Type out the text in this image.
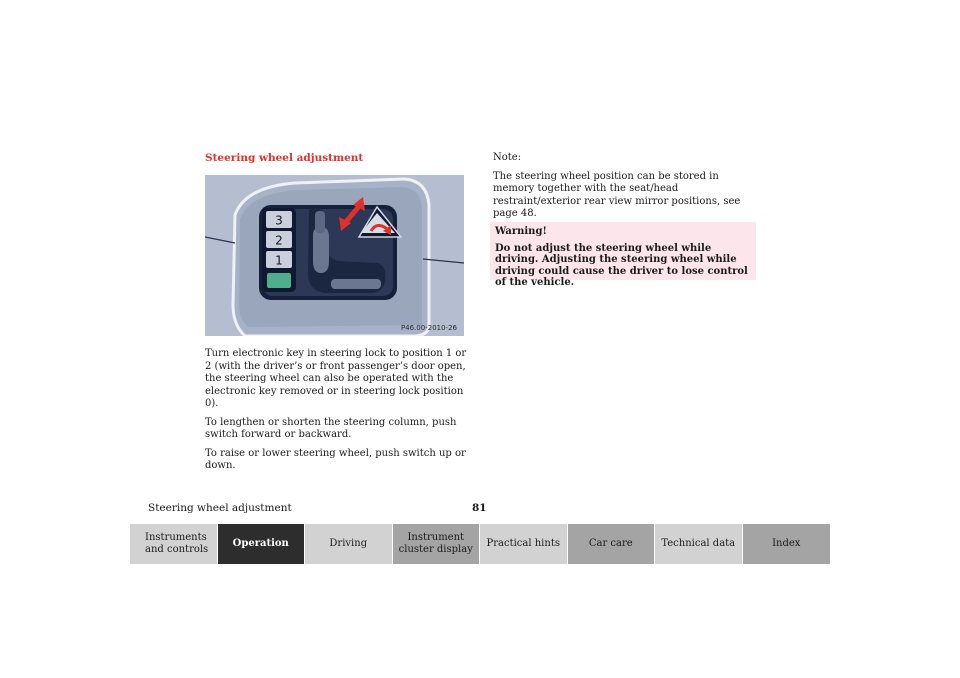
Steering wheel adjustment
3
2
1
P46.00-2010-26

Turn electronic key in steering lock to position 1 or 2 (with the driver’s or front passenger’s door open, the steering wheel can also be operated with the electronic key removed or in steering lock position 0).

To lengthen or shorten the steering column, push switch forward or backward.

To raise or lower steering wheel, push switch up or down.

Note:

The steering wheel position can be stored in memory together with the seat/head restraint/exterior rear view mirror positions, see page 48.

Warning!
Do not adjust the steering wheel while driving. Adjusting the steering wheel while driving could cause the driver to lose control of the vehicle.
Steering wheel adjustment	81
Instruments and controls
Operation	Driving
Instrument cluster display
Practical hints	Car care	Technical data	Index
